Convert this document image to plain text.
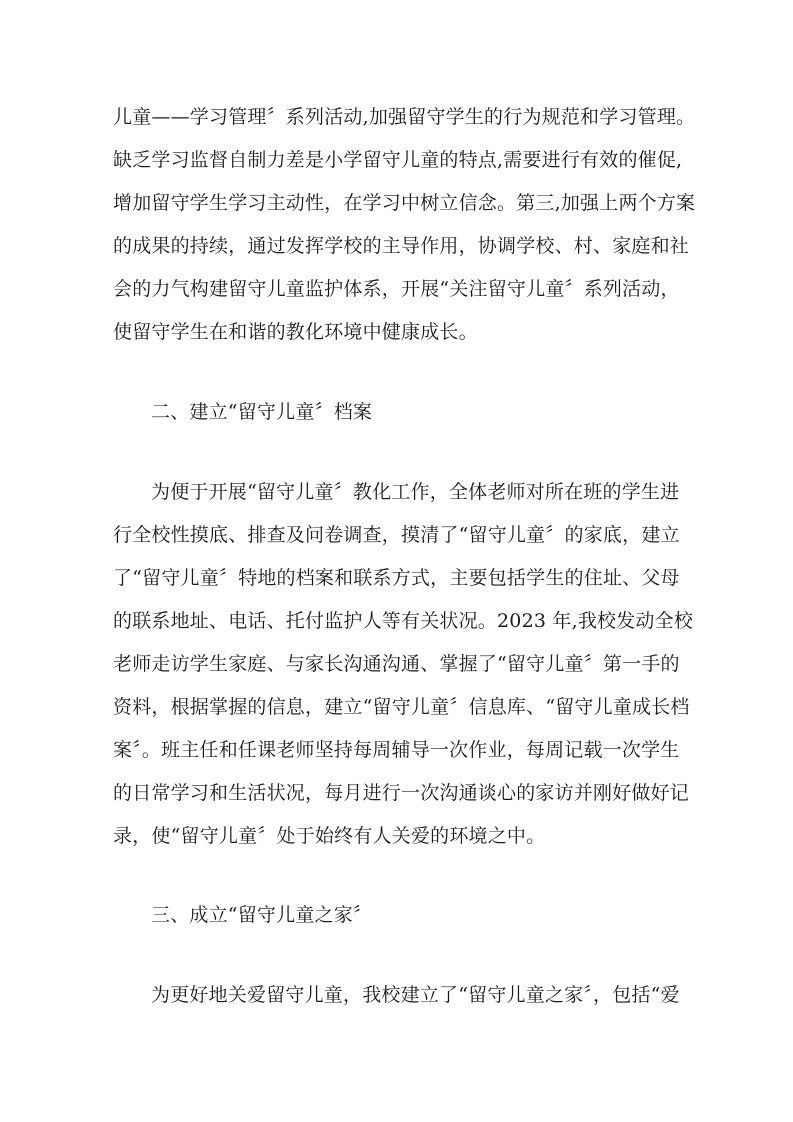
儿童——学习管理〞系列活动,加强留守学生的行为规范和学习管理。
缺乏学习监督自制力差是小学留守儿童的特点,需要进行有效的催促,
增加留守学生学习主动性，在学习中树立信念。第三,加强上两个方案
的成果的持续，通过发挥学校的主导作用，协调学校、村、家庭和社
会的力气构建留守儿童监护体系，开展“关注留守儿童〞系列活动，
使留守学生在和谐的教化环境中健康成长。
二、建立“留守儿童〞档案
为便于开展“留守儿童〞教化工作，全体老师对所在班的学生进
行全校性摸底、排查及问卷调查，摸清了“留守儿童〞的家底，建立
了“留守儿童〞特地的档案和联系方式，主要包括学生的住址、父母
的联系地址、电话、托付监护人等有关状况。2023 年,我校发动全校
老师走访学生家庭、与家长沟通沟通、掌握了“留守儿童〞第一手的
资料，根据掌握的信息，建立“留守儿童〞信息库、“留守儿童成长档
案〞。班主任和任课老师坚持每周辅导一次作业，每周记载一次学生
的日常学习和生活状况，每月进行一次沟通谈心的家访并刚好做好记
录，使“留守儿童〞处于始终有人关爱的环境之中。
三、成立“留守儿童之家〞
为更好地关爱留守儿童，我校建立了“留守儿童之家〞，包括“爱
